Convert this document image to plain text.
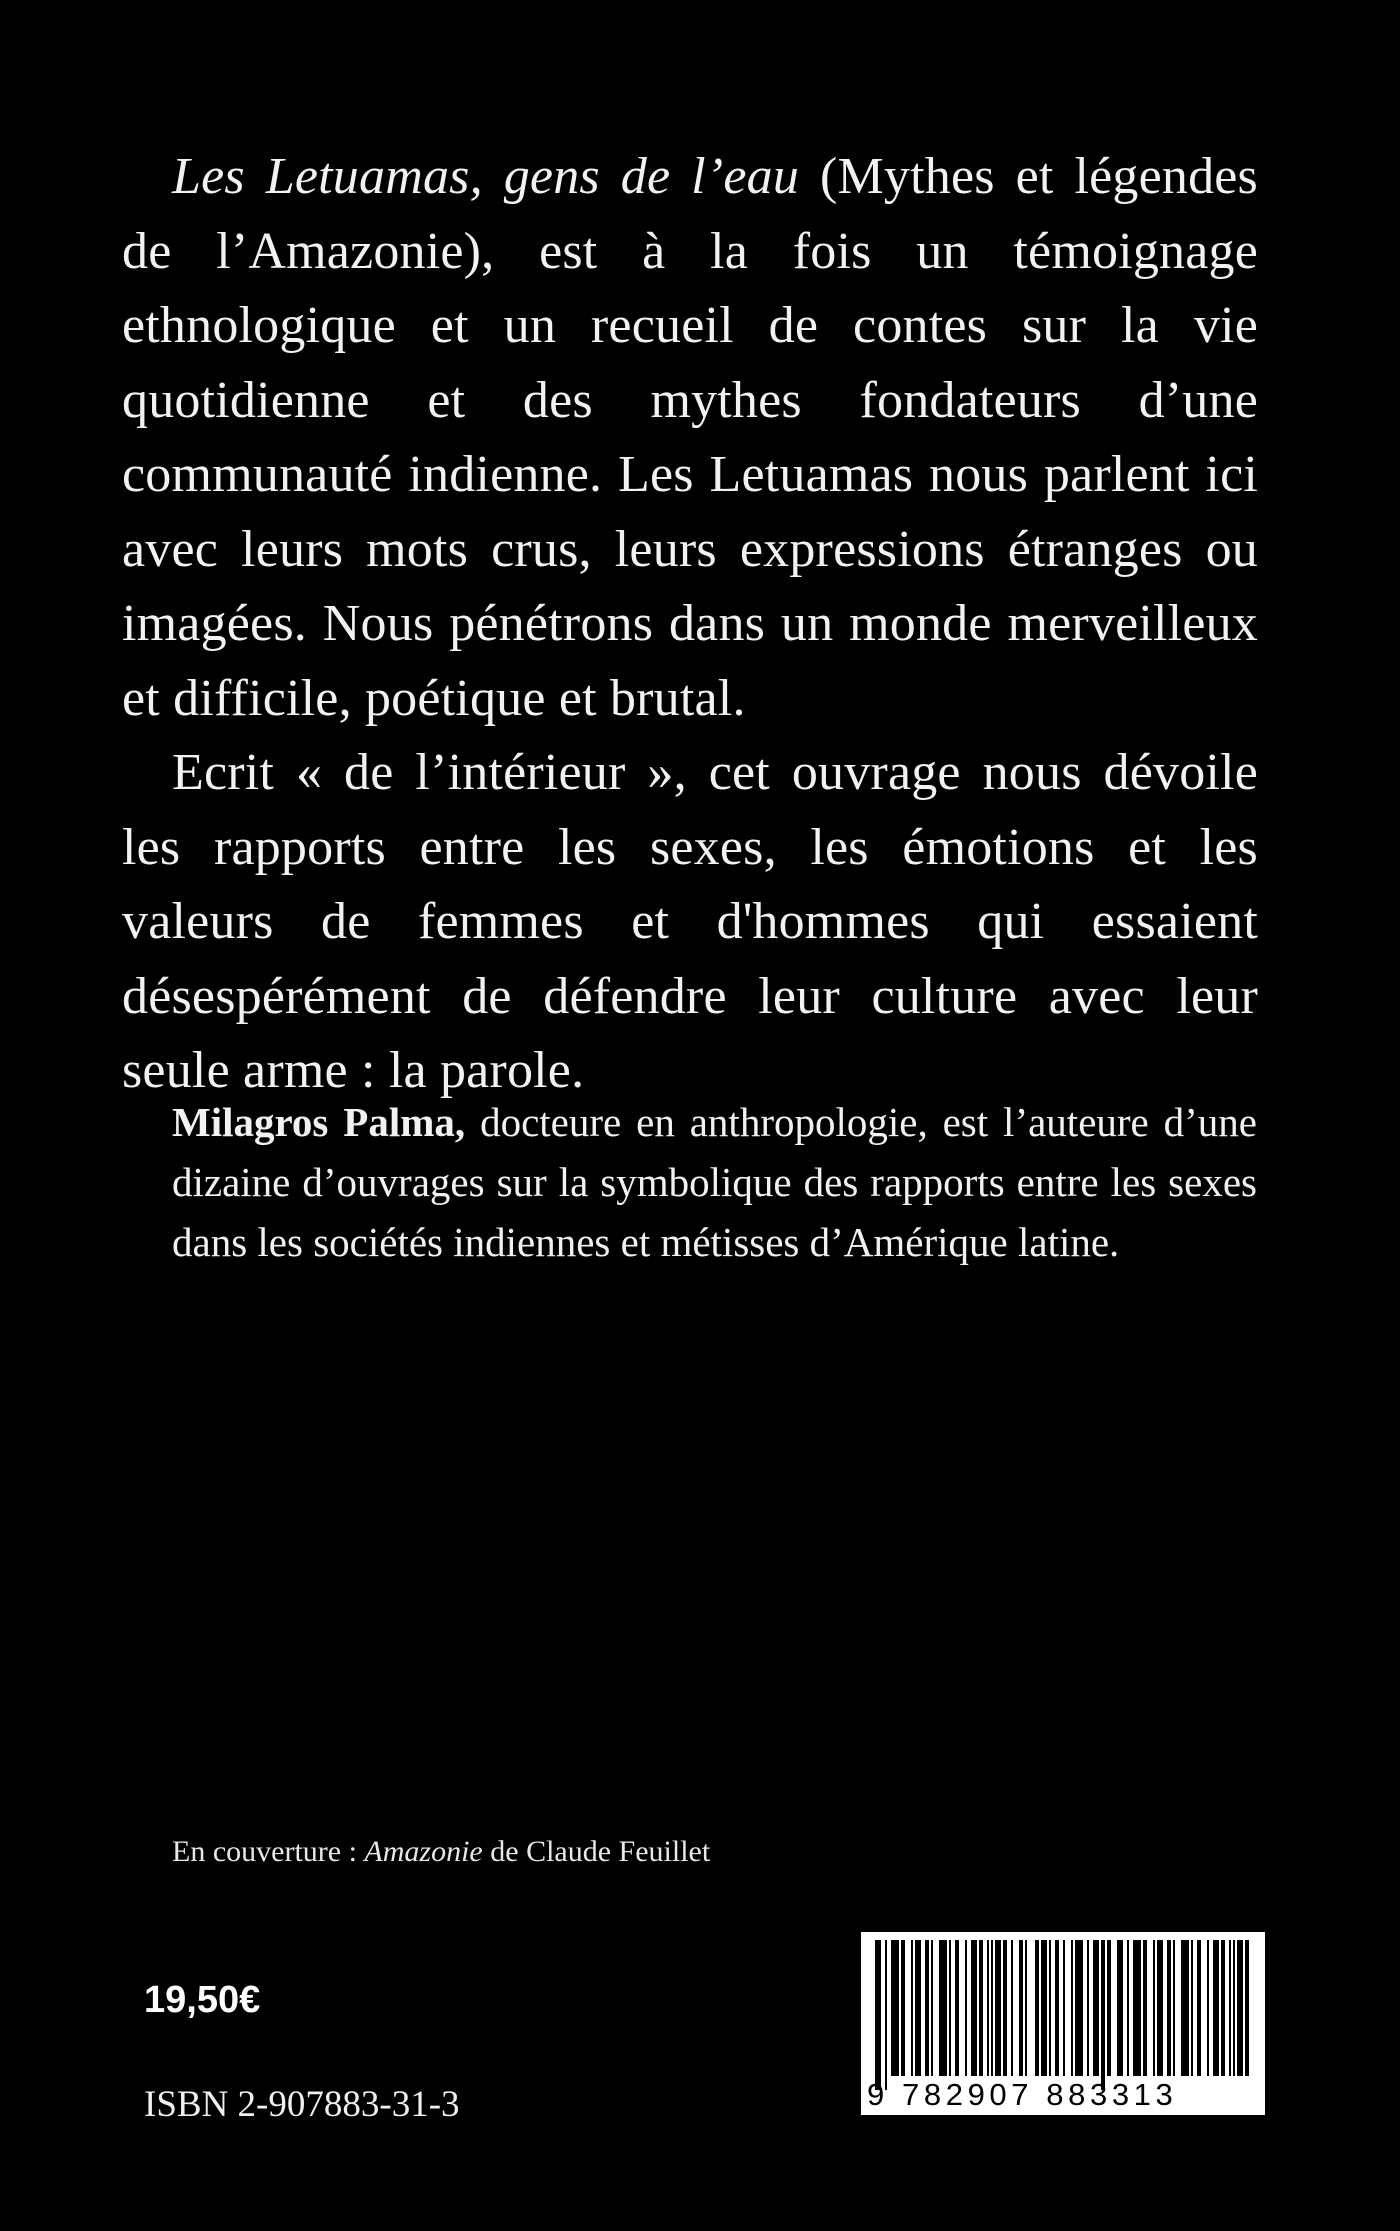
Les Letuamas, gens de l’eau (Mythes et légendes de l’Amazonie), est à la fois un témoignage ethnologique et un recueil de contes sur la vie quotidienne et des mythes fondateurs d’une communauté indienne. Les Letuamas nous parlent ici avec leurs mots crus, leurs expressions étranges ou imagées. Nous pénétrons dans un monde merveilleux et difficile, poétique et brutal.

Ecrit « de l’intérieur », cet ouvrage nous dévoile les rapports entre les sexes, les émotions et les valeurs de femmes et d'hommes qui essaient désespérément de défendre leur culture avec leur seule arme : la parole.

Milagros Palma, docteure en anthropologie, est l’auteure d’une dizaine d’ouvrages sur la symbolique des rapports entre les sexes dans les sociétés indiennes et métisses d’Amérique latine.

En couverture : Amazonie de Claude Feuillet
19,50€
ISBN 2-907883-31-3	9 782907 883313
